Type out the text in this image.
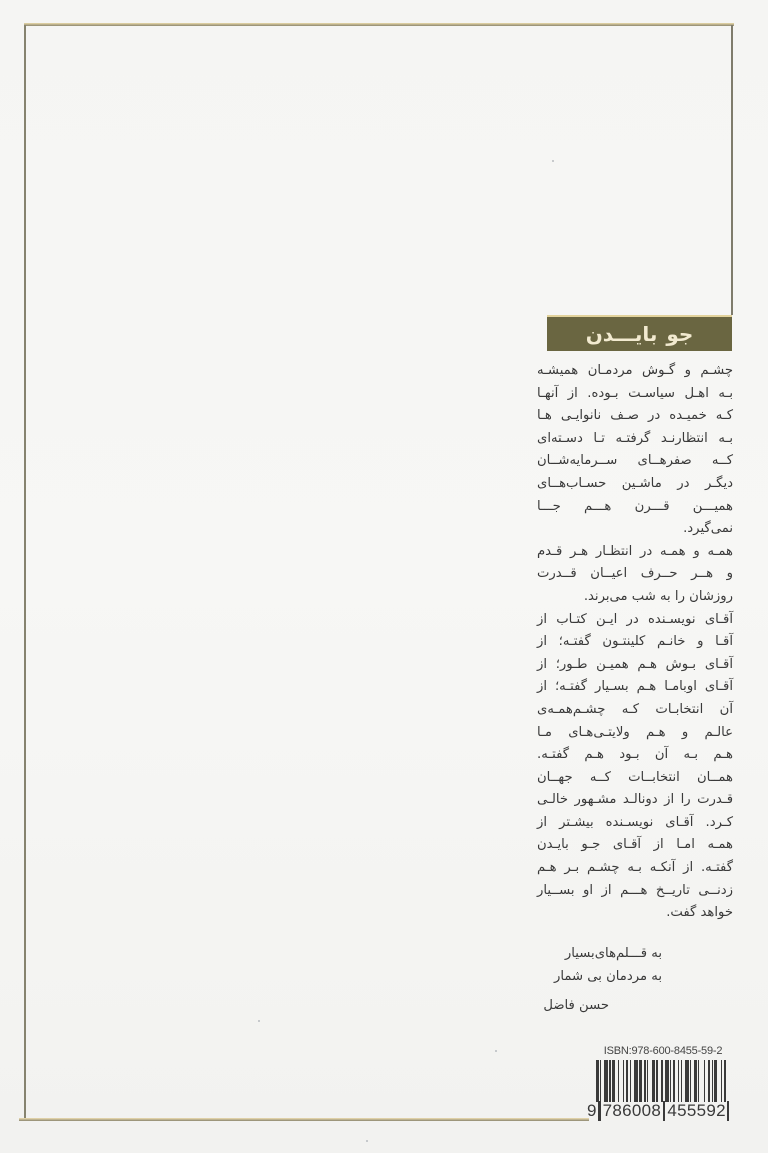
جو بایـــدن
چشـم و گـوش مردمـان همیشـه
بـه اهـل سیاسـت بـوده. از آنهـا
کـه خمیـده در صـف نانوایـی هـا
بـه انتظارنـد گرفتـه تـا دسـته‌ای
کــه صفرهــای ســرمایه‌شــان
دیگـر در ماشـین حسـاب‌هــای
همیـــن قـــرن هـــم جـــا
نمی‌گیرد.
همـه و همـه در انتظـار هـر قـدم
و هــر حــرف اعیــان قــدرت
روزشان را به شب می‌برند.
آقـای نویسـنده در ایـن کتـاب از
آقـا و خانـم کلینتـون گفتـه؛ از
آقـای بـوش هـم همیـن طـور؛ از
آقـای اوبامـا هـم بسـیار گفتـه؛ از
آن انتخابـات کـه چشـم‌همـه‌ی
عالـم و هـم ولایتـی‌هـای مـا
هـم بـه آن بـود هـم گفتـه.
همــان انتخابــات کــه جهــان
قـدرت را از دونالـد مشـهور خالـی
کـرد. آقـای نویسـنده بیشـتر از
همـه امـا از آقـای جـو بایـدن
گفتـه. از آنکـه بـه چشـم بـر هـم
زدنــی تاریــخ هـــم از او بســیار
خواهد گفت.
به قـــلم‌های‌بسیار
به مردمان بی شمار
حسن فاضل
ISBN:978-600-8455-59-2
9 786008 455592
